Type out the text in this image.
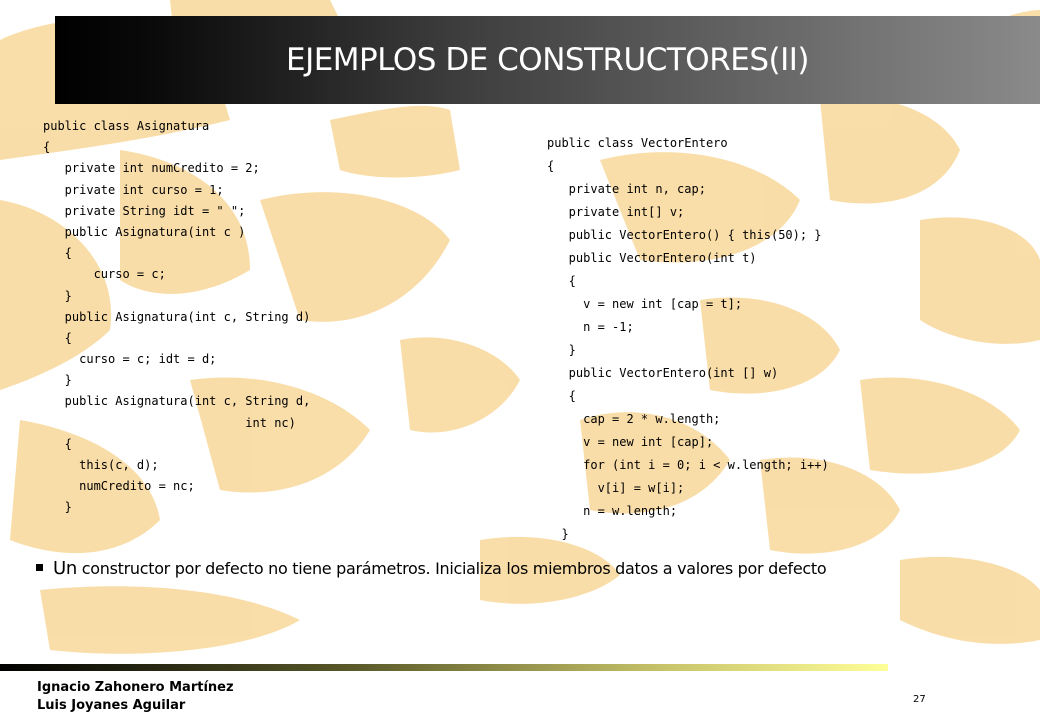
EJEMPLOS DE CONSTRUCTORES(II)
public class Asignatura
{
private int numCredito = 2;
private int curso = 1;
private String idt = " ";
public Asignatura(int c )
{
curso = c;
}
public Asignatura(int c, String d)
{
curso = c; idt = d;
}
public Asignatura(int c, String d,
int nc)
{
this(c, d);
numCredito = nc;
}
public class VectorEntero
{
private int n, cap;
private int[] v;
public VectorEntero() { this(50); }
public VectorEntero(int t)
{
v = new int [cap = t];
n = -1;
}
public VectorEntero(int [] w)
{
cap = 2 * w.length;
v = new int [cap];
for (int i = 0; i < w.length; i++)
v[i] = w[i];
n = w.length;
}
Un constructor por defecto no tiene parámetros. Inicializa los miembros datos a valores por defecto
Ignacio Zahonero Martínez
Luis Joyanes Aguilar	27
